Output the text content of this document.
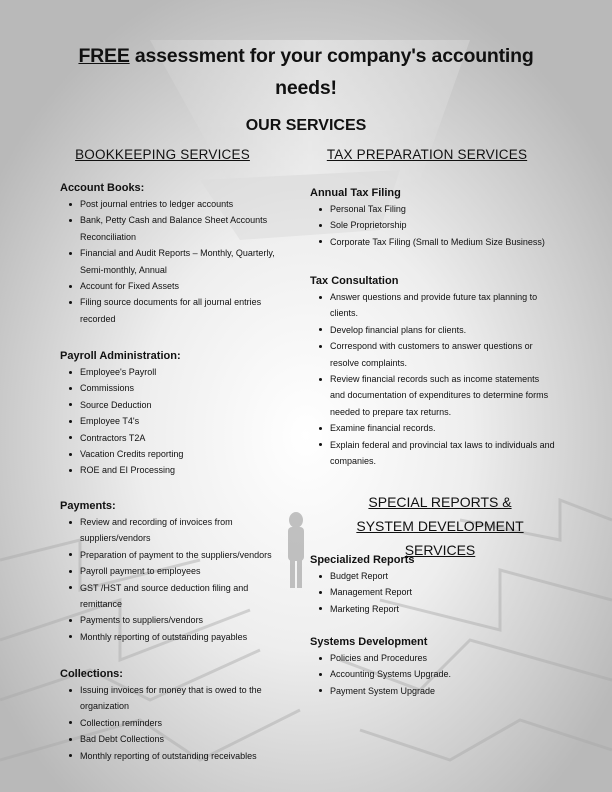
FREE assessment for your company's accounting needs!
OUR SERVICES
BOOKKEEPING SERVICES	TAX PREPARATION SERVICES
Account Books:
Post journal entries to ledger accounts
Bank, Petty Cash and Balance Sheet Accounts Reconciliation
Financial and Audit Reports – Monthly, Quarterly, Semi-monthly, Annual
Account for Fixed Assets
Filing source documents for all journal entries recorded
Payroll Administration:
Employee's Payroll
Commissions
Source Deduction
Employee T4's
Contractors T2A
Vacation Credits reporting
ROE and EI Processing
Payments:
Review and recording of invoices from suppliers/vendors
Preparation of payment to the suppliers/vendors
Payroll payment to employees
GST /HST and source deduction filing and remittance
Payments to suppliers/vendors
Monthly reporting of outstanding payables
Collections:
Issuing invoices for money that is owed to the organization
Collection reminders
Bad Debt Collections
Monthly reporting of outstanding receivables
Annual Tax Filing
Personal Tax Filing
Sole Proprietorship
Corporate Tax Filing (Small to Medium Size Business)
Tax Consultation
Answer questions and provide future tax planning to clients.
Develop financial plans for clients.
Correspond with customers to answer questions or resolve complaints.
Review financial records such as income statements and documentation of expenditures to determine forms needed to prepare tax returns.
Examine financial records.
Explain federal and provincial tax laws to individuals and companies.
SPECIAL REPORTS &
SYSTEM DEVELOPMENT SERVICES
Specialized Reports
Budget Report
Management Report
Marketing Report
Systems Development
Policies and Procedures
Accounting Systems Upgrade.
Payment System Upgrade
